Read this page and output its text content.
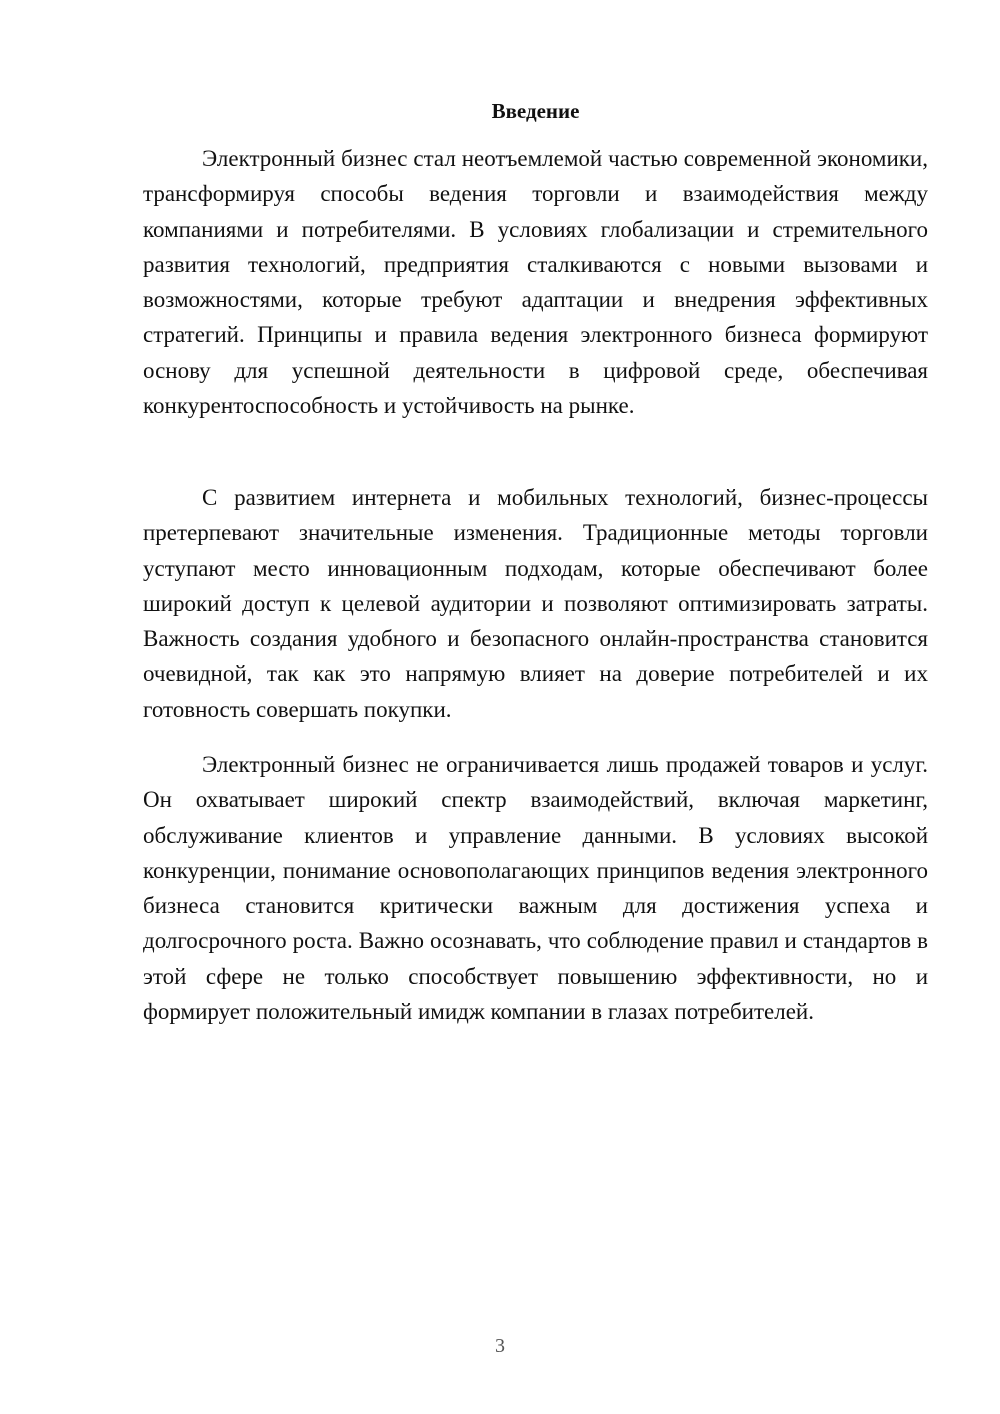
Введение

Электронный бизнес стал неотъемлемой частью современной экономики, трансформируя способы ведения торговли и взаимодействия между компаниями и потребителями. В условиях глобализации и стремительного развития технологий, предприятия сталкиваются с новыми вызовами и возможностями, которые требуют адаптации и внедрения эффективных стратегий. Принципы и правила ведения электронного бизнеса формируют основу для успешной деятельности в цифровой среде, обеспечивая конкурентоспособность и устойчивость на рынке.

С развитием интернета и мобильных технологий, бизнес-процессы претерпевают значительные изменения. Традиционные методы торговли уступают место инновационным подходам, которые обеспечивают более широкий доступ к целевой аудитории и позволяют оптимизировать затраты. Важность создания удобного и безопасного онлайн-пространства становится очевидной, так как это напрямую влияет на доверие потребителей и их готовность совершать покупки.

Электронный бизнес не ограничивается лишь продажей товаров и услуг. Он охватывает широкий спектр взаимодействий, включая маркетинг, обслуживание клиентов и управление данными. В условиях высокой конкуренции, понимание основополагающих принципов ведения электронного бизнеса становится критически важным для достижения успеха и долгосрочного роста. Важно осознавать, что соблюдение правил и стандартов в этой сфере не только способствует повышению эффективности, но и формирует положительный имидж компании в глазах потребителей.

3
